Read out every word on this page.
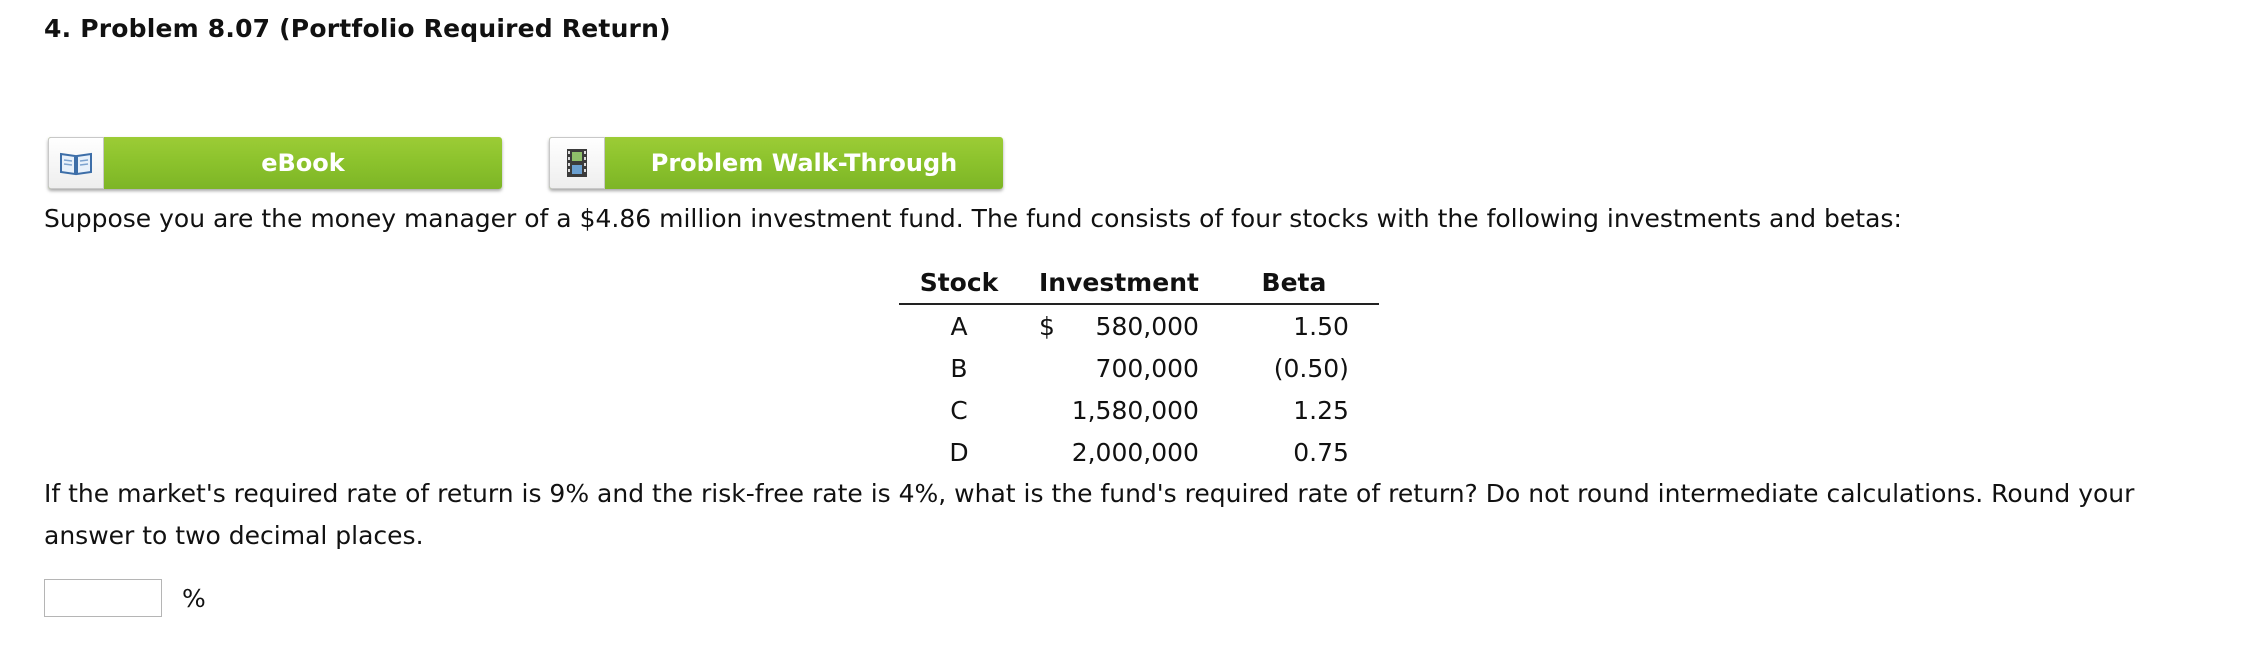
4. Problem 8.07 (Portfolio Required Return)
eBook	Problem Walk-Through
Suppose you are the money manager of a $4.86 million investment fund. The fund consists of four stocks with the following investments and betas:
Stock	Investment	Beta
A	$ 580,000	1.50
B	700,000	(0.50)
C	1,580,000	1.25
D	2,000,000	0.75
If the market's required rate of return is 9% and the risk-free rate is 4%, what is the fund's required rate of return? Do not round intermediate calculations. Round your answer to two decimal places.
%
